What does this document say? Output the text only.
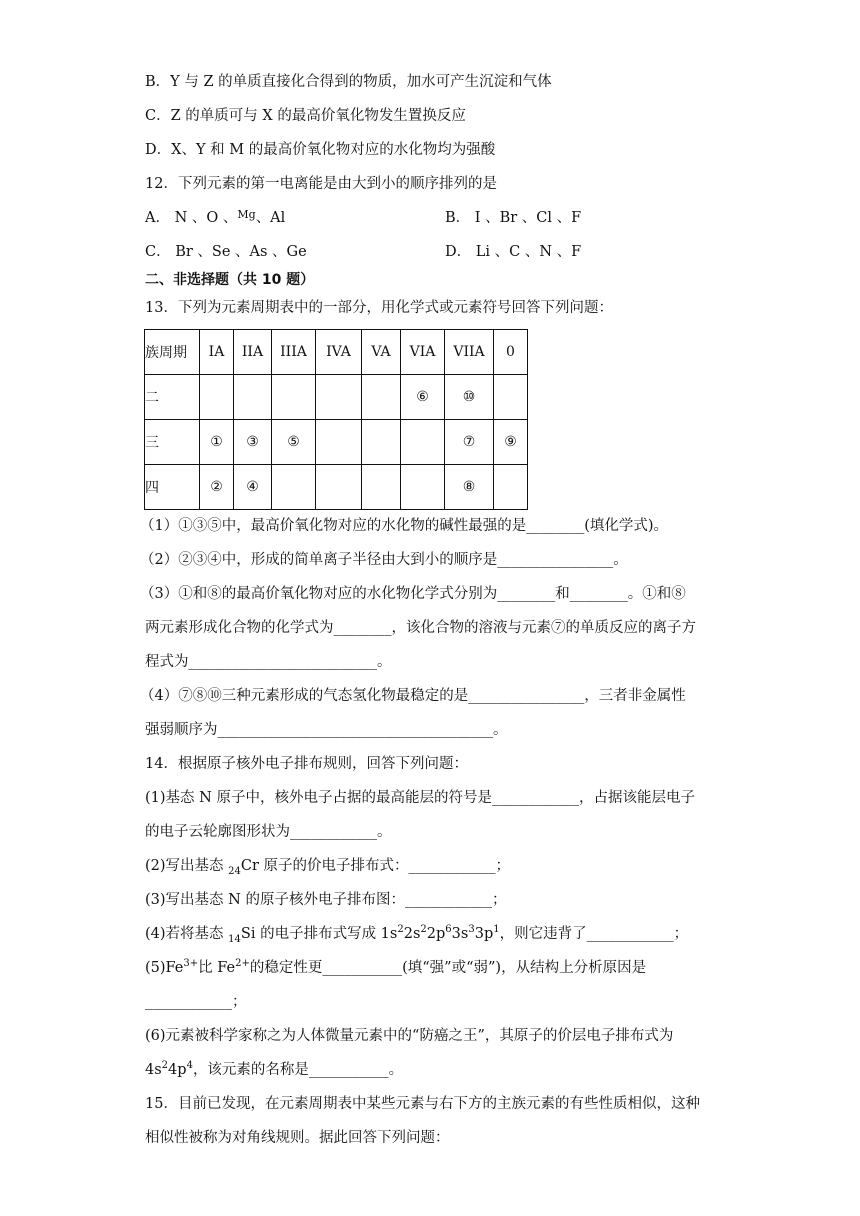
B．Y 与 Z 的单质直接化合得到的物质，加水可产生沉淀和气体
C．Z 的单质可与 X 的最高价氧化物发生置换反应
D．X、Y 和 M 的最高价氧化物对应的水化物均为强酸
12．下列元素的第一电离能是由大到小的顺序排列的是
A． N 、O 、$^{Mg}$、Al	B． I 、Br 、Cl 、F
C． Br 、Se 、As 、Ge	D． Li 、C 、N 、F
二、非选择题（共 10 题）
13．下列为元素周期表中的一部分，用化学式或元素符号回答下列问题：
族周期	IA	IIA	IIIA	IVA	VA	VIA	VIIA	0
二						⑥	⑩	
三	①	③	⑤				⑦	⑨
四	②	④					⑧	
（1）①③⑤中，最高价氧化物对应的水化物的碱性最强的是________(填化学式)。
（2）②③④中，形成的简单离子半径由大到小的顺序是________________。
（3）①和⑧的最高价氧化物对应的水化物化学式分别为________和________。①和⑧
两元素形成化合物的化学式为________，该化合物的溶液与元素⑦的单质反应的离子方
程式为__________________________。
（4）⑦⑧⑩三种元素形成的气态氢化物最稳定的是________________，三者非金属性
强弱顺序为______________________________________。
14．根据原子核外电子排布规则，回答下列问题：
(1)基态 N 原子中，核外电子占据的最高能层的符号是____________，占据该能层电子
的电子云轮廓图形状为____________。
(2)写出基态 $_{24}$Cr 原子的价电子排布式：____________；
(3)写出基态 N 的原子核外电子排布图：____________；
(4)若将基态 $_{14}$Si 的电子排布式写成 $1s^22s^22p^63s^33p^1$，则它违背了____________；
$(5)Fe^{3+}$比 $Fe^{2+}$的稳定性更___________(填“强”或“弱”)，从结构上分析原因是
____________；
(6)元素被科学家称之为人体微量元素中的“防癌之王”，其原子的价层电子排布式为
$4s^24p^4$，该元素的名称是___________。
15．目前已发现，在元素周期表中某些元素与右下方的主族元素的有些性质相似，这种
相似性被称为对角线规则。据此回答下列问题：
